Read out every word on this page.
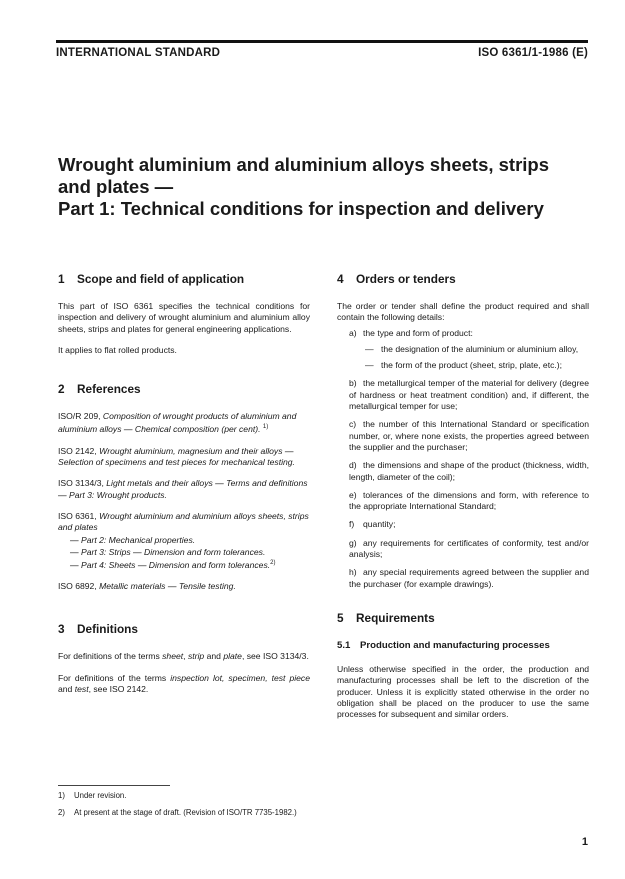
INTERNATIONAL STANDARD	ISO 6361/1-1986 (E)
Wrought aluminium and aluminium alloys sheets, strips
and plates —
Part 1: Technical conditions for inspection and delivery
1 Scope and field of application

This part of ISO 6361 specifies the technical conditions for inspection and delivery of wrought aluminium and aluminium alloy sheets, strips and plates for general engineering applications.

It applies to flat rolled products.

2 References
ISO/R 209, Composition of wrought products of aluminium and aluminium alloys — Chemical composition (per cent). $^{1)}$
ISO 2142, Wrought aluminium, magnesium and their alloys — Selection of specimens and test pieces for mechanical testing.
ISO 3134/3, Light metals and their alloys — Terms and definitions — Part 3: Wrought products.
ISO 6361, Wrought aluminium and aluminium alloys sheets, strips and plates
— Part 2: Mechanical properties.
— Part 3: Strips — Dimension and form tolerances.
— Part 4: Sheets — Dimension and form tolerances.$^{2)}$
ISO 6892, Metallic materials — Tensile testing.
3 Definitions

For definitions of the terms sheet, strip and plate, see ISO 3134/3.

For definitions of the terms inspection lot, specimen, test piece and test, see ISO 2142.

4 Orders or tenders

The order or tender shall define the product required and shall contain the following details:

a) the type and form of product:
— the designation of the aluminium or aluminium alloy,
— the form of the product (sheet, strip, plate, etc.);
b) the metallurgical temper of the material for delivery (degree of hardness or heat treatment condition) and, if different, the metallurgical temper for use;
c) the number of this International Standard or specification number, or, where none exists, the properties agreed between the supplier and the purchaser;
d) the dimensions and shape of the product (thickness, width, length, diameter of the coil);
e) tolerances of the dimensions and form, with reference to the appropriate International Standard;
f) quantity;
g) any requirements for certificates of conformity, test and/or analysis;
h) any special requirements agreed between the supplier and the purchaser (for example drawings).
5 Requirements
5.1 Production and manufacturing processes

Unless otherwise specified in the order, the production and manufacturing processes shall be left to the discretion of the producer. Unless it is explicitly stated otherwise in the order no obligation shall be placed on the producer to use the same processes for subsequent and similar orders.

1) Under revision.
2) At present at the stage of draft. (Revision of ISO/TR 7735-1982.)
1
